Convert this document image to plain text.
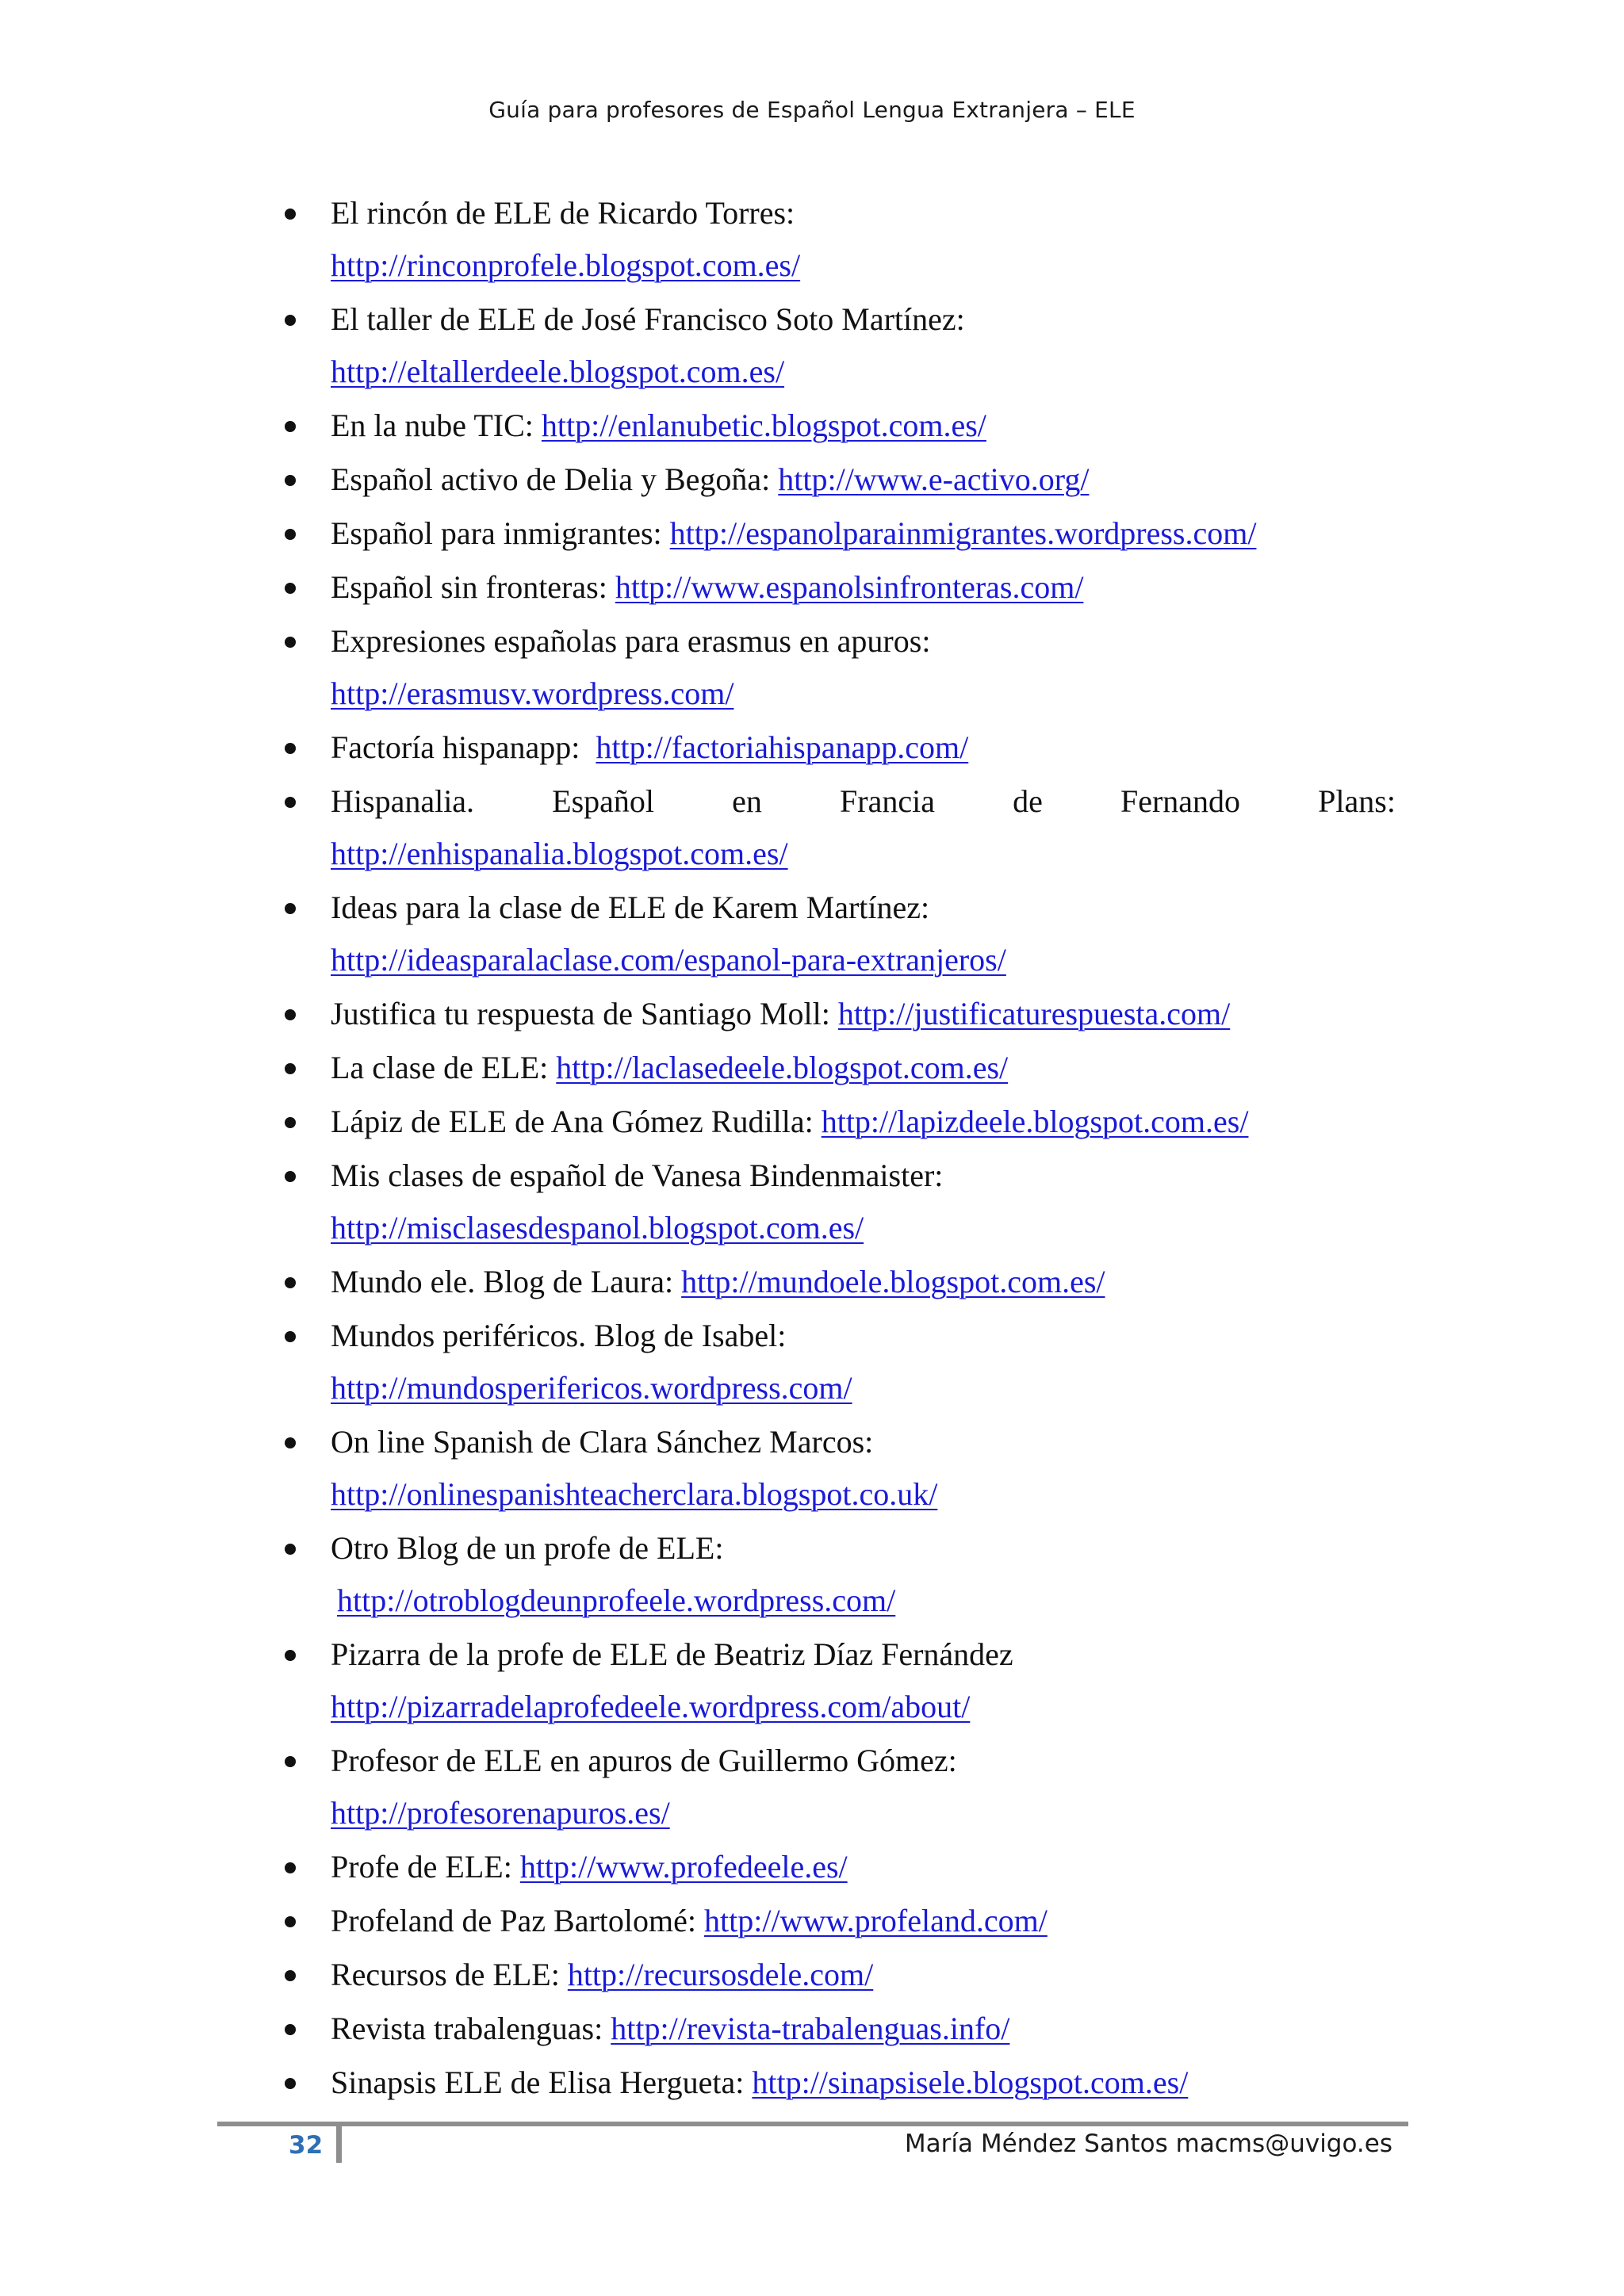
Guía para profesores de Español Lengua Extranjera – ELE
El rincón de ELE de Ricardo Torres:
http://rinconprofele.blogspot.com.es/
El taller de ELE de José Francisco Soto Martínez:
http://eltallerdeele.blogspot.com.es/
En la nube TIC: http://enlanubetic.blogspot.com.es/
Español activo de Delia y Begoña: http://www.e-activo.org/
Español para inmigrantes: http://espanolparainmigrantes.wordpress.com/
Español sin fronteras: http://www.espanolsinfronteras.com/
Expresiones españolas para erasmus en apuros:
http://erasmusv.wordpress.com/
Factoría hispanapp:  http://factoriahispanapp.com/
Hispanalia. Español en Francia de Fernando Plans:
http://enhispanalia.blogspot.com.es/
Ideas para la clase de ELE de Karem Martínez:
http://ideasparalaclase.com/espanol-para-extranjeros/
Justifica tu respuesta de Santiago Moll: http://justificaturespuesta.com/
La clase de ELE: http://laclasedeele.blogspot.com.es/
Lápiz de ELE de Ana Gómez Rudilla: http://lapizdeele.blogspot.com.es/
Mis clases de español de Vanesa Bindenmaister:
http://misclasesdespanol.blogspot.com.es/
Mundo ele. Blog de Laura: http://mundoele.blogspot.com.es/
Mundos periféricos. Blog de Isabel:
http://mundosperifericos.wordpress.com/
On line Spanish de Clara Sánchez Marcos:
http://onlinespanishteacherclara.blogspot.co.uk/
Otro Blog de un profe de ELE:
http://otroblogdeunprofeele.wordpress.com/
Pizarra de la profe de ELE de Beatriz Díaz Fernández
http://pizarradelaprofedeele.wordpress.com/about/
Profesor de ELE en apuros de Guillermo Gómez:
http://profesorenapuros.es/
Profe de ELE: http://www.profedeele.es/
Profeland de Paz Bartolomé: http://www.profeland.com/
Recursos de ELE: http://recursosdele.com/
Revista trabalenguas: http://revista-trabalenguas.info/
Sinapsis ELE de Elisa Hergueta: http://sinapsisele.blogspot.com.es/
32	María Méndez Santos macms@uvigo.es
